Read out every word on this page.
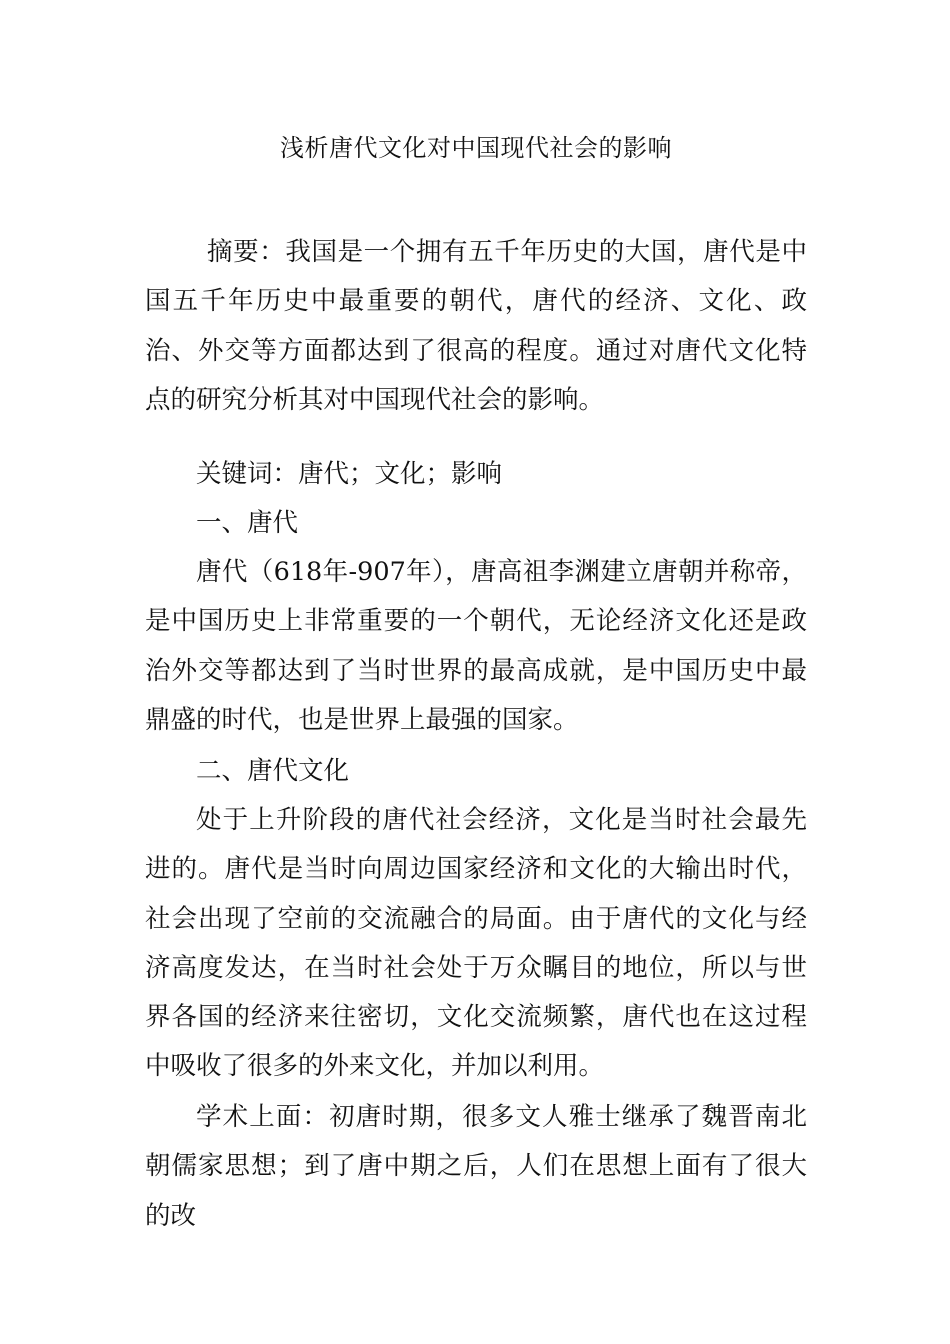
浅析唐代文化对中国现代社会的影响

摘要：我国是一个拥有五千年历史的大国，唐代是中国五千年历史中最重要的朝代，唐代的经济、文化、政治、外交等方面都达到了很高的程度。通过对唐代文化特点的研究分析其对中国现代社会的影响。

关键词：唐代；文化；影响

一、唐代

唐代（618年-907年），唐高祖李渊建立唐朝并称帝，是中国历史上非常重要的一个朝代，无论经济文化还是政治外交等都达到了当时世界的最高成就，是中国历史中最鼎盛的时代，也是世界上最强的国家。

二、唐代文化

处于上升阶段的唐代社会经济，文化是当时社会最先进的。唐代是当时向周边国家经济和文化的大输出时代，社会出现了空前的交流融合的局面。由于唐代的文化与经济高度发达，在当时社会处于万众瞩目的地位，所以与世界各国的经济来往密切，文化交流频繁，唐代也在这过程中吸收了很多的外来文化，并加以利用。

学术上面：初唐时期，很多文人雅士继承了魏晋南北朝儒家思想；到了唐中期之后，人们在思想上面有了很大的改
